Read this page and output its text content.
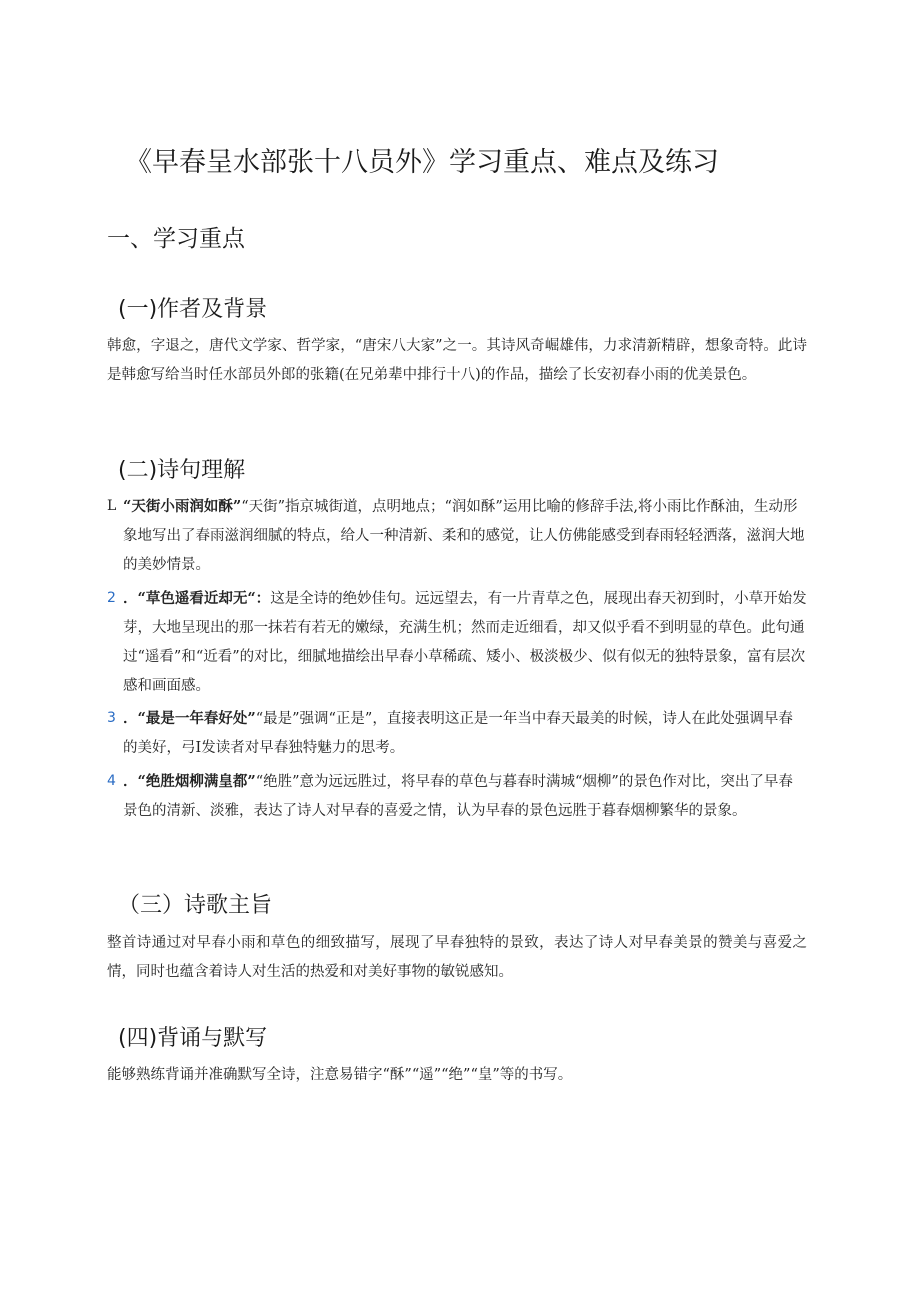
《早春呈水部张十八员外》学习重点、难点及练习
一、学习重点
(一)作者及背景
韩愈，字退之，唐代文学家、哲学家，“唐宋八大家”之一。其诗风奇崛雄伟，力求清新精辟，想象奇特。此诗是韩愈写给当时任水部员外郎的张籍(在兄弟辈中排行十八)的作品，描绘了长安初春小雨的优美景色。
(二)诗句理解
L “天街小雨润如酥”“天街”指京城街道，点明地点；“润如酥”运用比喻的修辞手法,将小雨比作酥油，生动形象地写出了春雨滋润细腻的特点，给人一种清新、柔和的感觉，让人仿佛能感受到春雨轻轻洒落，滋润大地的美妙情景。
2 ．“草色遥看近却无“：这是全诗的绝妙佳句。远远望去，有一片青草之色，展现出春天初到时，小草开始发芽，大地呈现出的那一抹若有若无的嫩绿，充满生机；然而走近细看，却又似乎看不到明显的草色。此句通过“遥看”和“近看”的对比，细腻地描绘出早春小草稀疏、矮小、极淡极少、似有似无的独特景象，富有层次感和画面感。
3 ．“最是一年春好处”“最是”强调“正是”，直接表明这正是一年当中春天最美的时候，诗人在此处强调早春的美好，弓I发读者对早春独特魅力的思考。
4 ．“绝胜烟柳满皇都”“绝胜”意为远远胜过，将早春的草色与暮春时满城“烟柳”的景色作对比，突出了早春景色的清新、淡雅，表达了诗人对早春的喜爱之情，认为早春的景色远胜于暮春烟柳繁华的景象。
（三）诗歌主旨
整首诗通过对早春小雨和草色的细致描写，展现了早春独特的景致，表达了诗人对早春美景的赞美与喜爱之情，同时也蕴含着诗人对生活的热爱和对美好事物的敏锐感知。
(四)背诵与默写
能够熟练背诵并准确默写全诗，注意易错字“酥”“遥”“绝”“皇”等的书写。
